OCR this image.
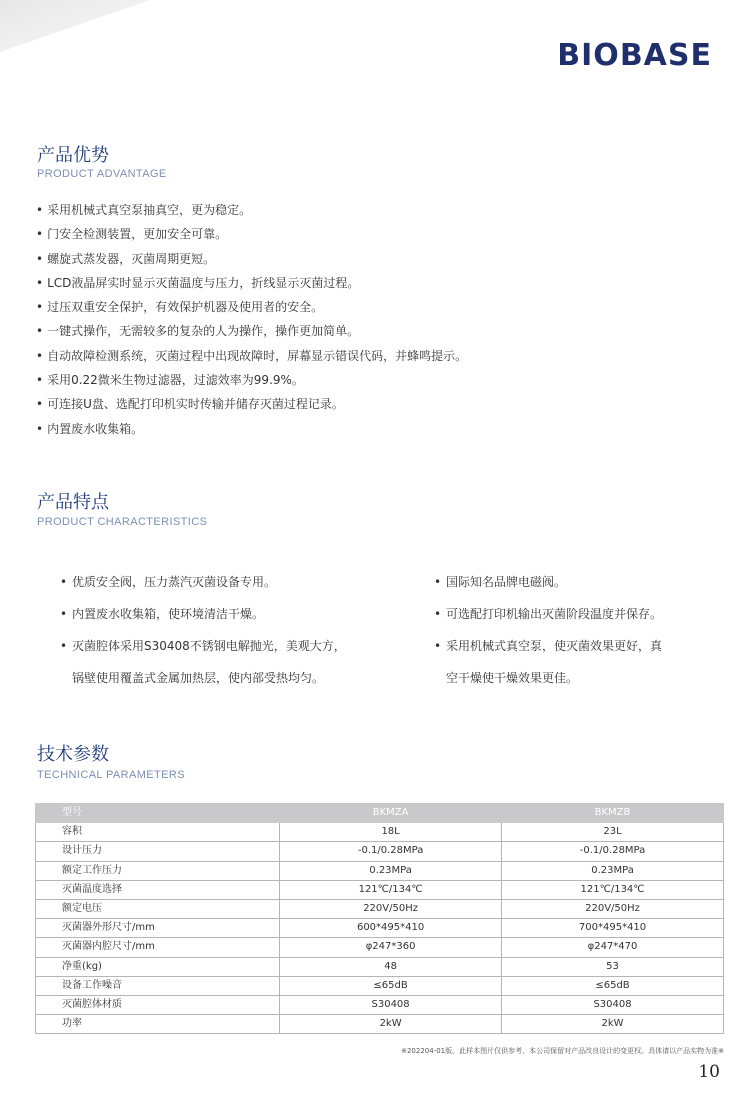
BIOBASE
产品优势
PRODUCT ADVANTAGE
• 采用机械式真空泵抽真空，更为稳定。
• 门安全检测装置，更加安全可靠。
• 螺旋式蒸发器，灭菌周期更短。
• LCD液晶屏实时显示灭菌温度与压力，折线显示灭菌过程。
• 过压双重安全保护，有效保护机器及使用者的安全。
• 一键式操作，无需较多的复杂的人为操作，操作更加简单。
• 自动故障检测系统，灭菌过程中出现故障时，屏幕显示错误代码，并蜂鸣提示。
• 采用0.22微米生物过滤器，过滤效率为99.9%。
• 可连接U盘、选配打印机实时传输并储存灭菌过程记录。
• 内置废水收集箱。
产品特点
PRODUCT CHARACTERISTICS
• 优质安全阀，压力蒸汽灭菌设备专用。
• 内置废水收集箱，使环境清洁干燥。
• 灭菌腔体采用S30408不锈钢电解抛光，美观大方，
锅壁使用覆盖式金属加热层，使内部受热均匀。
• 国际知名品牌电磁阀。
• 可选配打印机输出灭菌阶段温度并保存。
• 采用机械式真空泵，使灭菌效果更好，真
空干燥使干燥效果更佳。
技术参数
TECHNICAL PARAMETERS
型号	BKMZA	BKMZB
容积	18L	23L
设计压力	-0.1/0.28MPa	-0.1/0.28MPa
额定工作压力	0.23MPa	0.23MPa
灭菌温度选择	121℃/134℃	121℃/134℃
额定电压	220V/50Hz	220V/50Hz
灭菌器外形尺寸/mm	600*495*410	700*495*410
灭菌器内腔尺寸/mm	φ247*360	φ247*470
净重(kg)	48	53
设备工作噪音	≤65dB	≤65dB
灭菌腔体材质	S30408	S30408
功率	2kW	2kW
※202204-01版。此样本图片仅供参考，本公司保留对产品改良设计的变更权。具体请以产品实物为准※
10
